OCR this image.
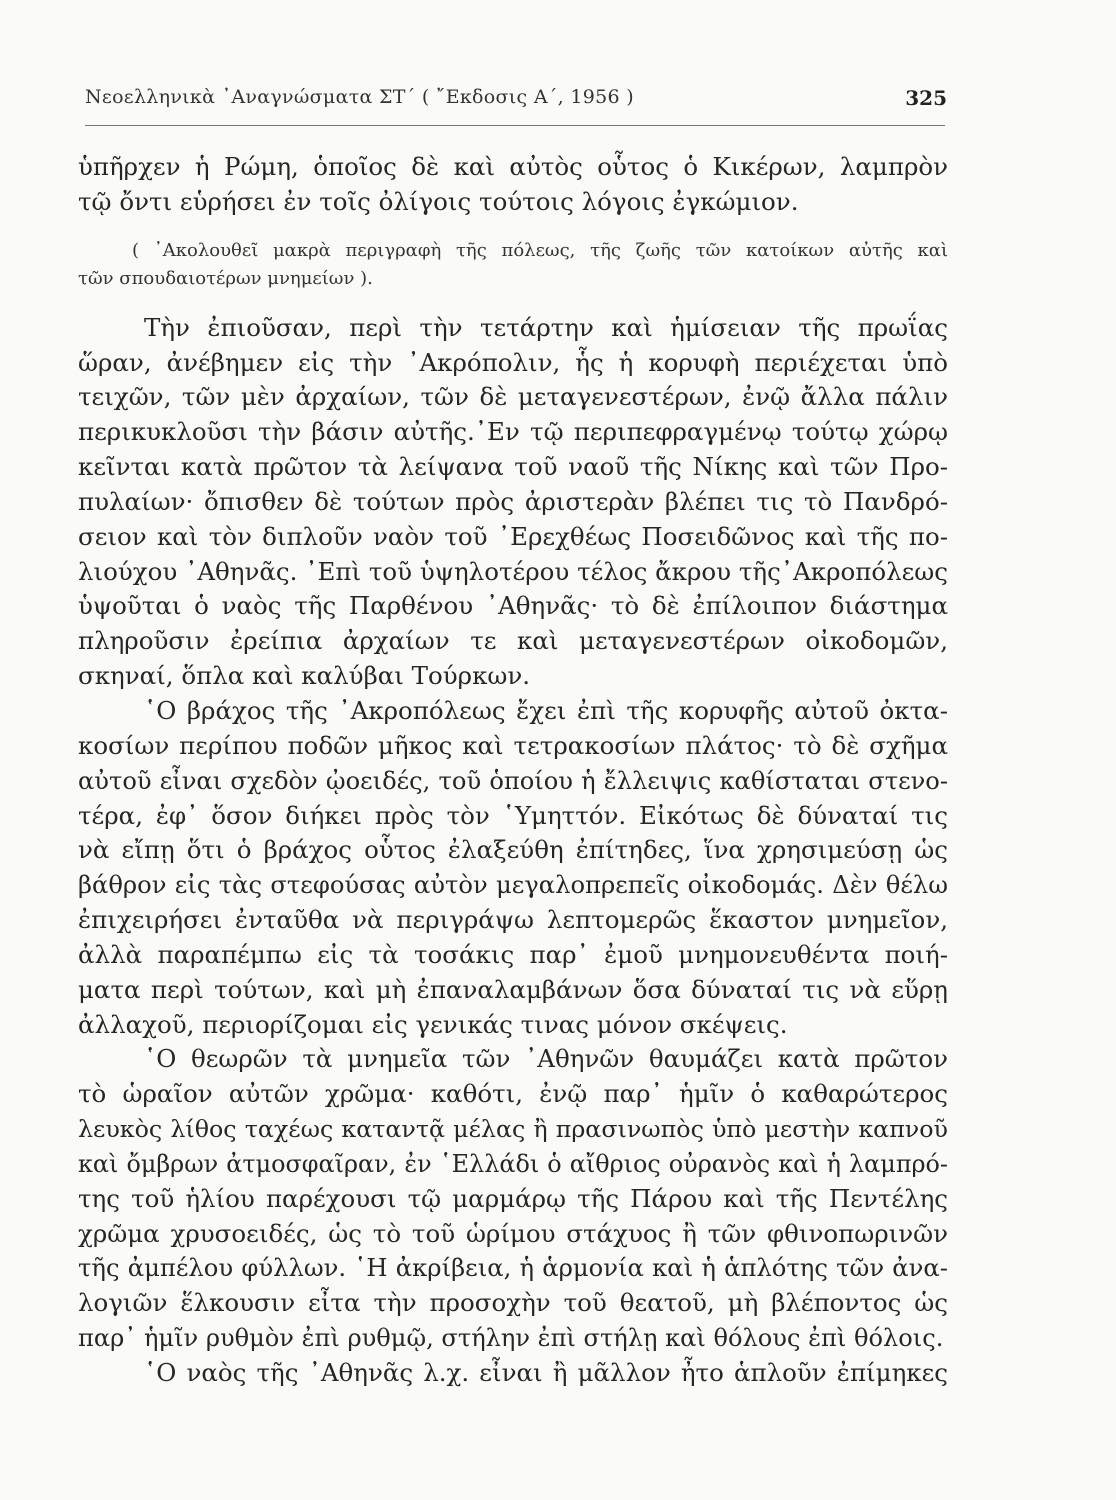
Νεοελληνικὰ ᾿Αναγνώσματα ΣΤ´ ( ῎Εκδοσις Α´, 1956 )	325
ὑπῆρχεν ἡ Ρώμη, ὁποῖος δὲ καὶ αὐτὸς οὗτος ὁ Κικέρων, λαμπρὸν
τῷ ὄντι εὑρήσει ἐν τοῖς ὀλίγοις τούτοις λόγοις ἐγκώμιον.
( ᾿Ακολουθεῖ μακρὰ περιγραφὴ τῆς πόλεως, τῆς ζωῆς τῶν κατοίκων αὐτῆς καὶ
τῶν σπουδαιοτέρων μνημείων ).
Τὴν ἐπιοῦσαν, περὶ τὴν τετάρτην καὶ ἡμίσειαν τῆς πρωΐας
ὥραν, ἀνέβημεν εἰς τὴν ᾿Ακρόπολιν, ἧς ἡ κορυφὴ περιέχεται ὑπὸ
τειχῶν, τῶν μὲν ἀρχαίων, τῶν δὲ μεταγενεστέρων, ἐνῷ ἄλλα πάλιν
περικυκλοῦσι τὴν βάσιν αὐτῆς.᾿Εν τῷ περιπεφραγμένῳ τούτῳ χώρῳ
κεῖνται κατὰ πρῶτον τὰ λείψανα τοῦ ναοῦ τῆς Νίκης καὶ τῶν Προ-
πυλαίων· ὄπισθεν δὲ τούτων πρὸς ἀριστερὰν βλέπει τις τὸ Πανδρό-
σειον καὶ τὸν διπλοῦν ναὸν τοῦ ᾿Ερεχθέως Ποσειδῶνος καὶ τῆς πο-
λιούχου ᾿Αθηνᾶς. ᾿Επὶ τοῦ ὑψηλοτέρου τέλος ἄκρου τῆς᾿Ακροπόλεως
ὑψοῦται ὁ ναὸς τῆς Παρθένου ᾿Αθηνᾶς· τὸ δὲ ἐπίλοιπον διάστημα
πληροῦσιν ἐρείπια ἀρχαίων τε καὶ μεταγενεστέρων οἰκοδομῶν,
σκηναί, ὅπλα καὶ καλύβαι Τούρκων.
῾Ο βράχος τῆς ᾿Ακροπόλεως ἔχει ἐπὶ τῆς κορυφῆς αὐτοῦ ὀκτα-
κοσίων περίπου ποδῶν μῆκος καὶ τετρακοσίων πλάτος· τὸ δὲ σχῆμα
αὐτοῦ εἶναι σχεδὸν ᾠοειδές, τοῦ ὁποίου ἡ ἔλλειψις καθίσταται στενο-
τέρα, ἐφ᾿ ὅσον διήκει πρὸς τὸν ῾Υμηττόν. Εἰκότως δὲ δύναταί τις
νὰ εἴπῃ ὅτι ὁ βράχος οὗτος ἐλαξεύθη ἐπίτηδες, ἵνα χρησιμεύσῃ ὡς
βάθρον εἰς τὰς στεφούσας αὐτὸν μεγαλοπρεπεῖς οἰκοδομάς. Δὲν θέλω
ἐπιχειρήσει ἐνταῦθα νὰ περιγράψω λεπτομερῶς ἕκαστον μνημεῖον,
ἀλλὰ παραπέμπω εἰς τὰ τοσάκις παρ᾿ ἐμοῦ μνημονευθέντα ποιή-
ματα περὶ τούτων, καὶ μὴ ἐπαναλαμβάνων ὅσα δύναταί τις νὰ εὕρῃ
ἀλλαχοῦ, περιορίζομαι εἰς γενικάς τινας μόνον σκέψεις.
῾Ο θεωρῶν τὰ μνημεῖα τῶν ᾿Αθηνῶν θαυμάζει κατὰ πρῶτον
τὸ ὡραῖον αὐτῶν χρῶμα· καθότι, ἐνῷ παρ᾿ ἡμῖν ὁ καθαρώτερος
λευκὸς λίθος ταχέως καταντᾷ μέλας ἢ πρασινωπὸς ὑπὸ μεστὴν καπνοῦ
καὶ ὄμβρων ἀτμοσφαῖραν, ἐν ῾Ελλάδι ὁ αἴθριος οὐρανὸς καὶ ἡ λαμπρό-
της τοῦ ἡλίου παρέχουσι τῷ μαρμάρῳ τῆς Πάρου καὶ τῆς Πεντέλης
χρῶμα χρυσοειδές, ὡς τὸ τοῦ ὡρίμου στάχυος ἢ τῶν φθινοπωρινῶν
τῆς ἀμπέλου φύλλων. ῾Η ἀκρίβεια, ἡ ἁρμονία καὶ ἡ ἁπλότης τῶν ἀνα-
λογιῶν ἕλκουσιν εἶτα τὴν προσοχὴν τοῦ θεατοῦ, μὴ βλέποντος ὡς
παρ᾿ ἡμῖν ρυθμὸν ἐπὶ ρυθμῷ, στήλην ἐπὶ στήλῃ καὶ θόλους ἐπὶ θόλοις.
῾Ο ναὸς τῆς ᾿Αθηνᾶς λ.χ. εἶναι ἢ μᾶλλον ἦτο ἁπλοῦν ἐπίμηκες
